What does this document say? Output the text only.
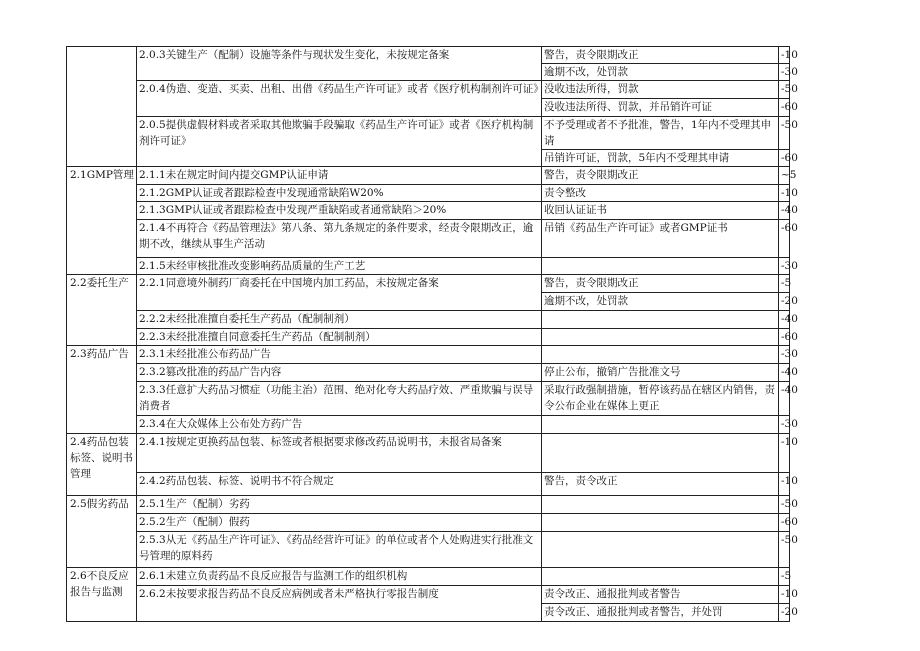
	2.0.3关键生产（配制）设施等条件与现状发生变化，未按规定备案	警告，责令限期改正	-10

		逾期不改，处罚款	-30

	2.0.4伪造、变造、买卖、出租、出借《药品生产许可证》或者《医疗机构制剂许可证》	没收违法所得，罚款	-50

		没收违法所得、罚款，并吊销许可证	-60

	2.0.5提供虚假材料或者采取其他欺骗手段骗取《药品生产许可证》或者《医疗机构制剂许可证》	不予受理或者不予批准，警告，1年内不受理其申请	-50

		吊销许可证，罚款，5年内不受理其申请	-60

2.1GMP管理	2.1.1未在规定时间内提交GMP认证申请	警告，责令限期改正	~5

	2.1.2GMP认证或者跟踪检查中发现通常缺陷W20%	责令整改	-10

	2.1.3GMP认证或者跟踪检查中发现严重缺陷或者通常缺陷＞20%	收回认证证书	-40

	2.1.4不再符合《药品管理法》第八条、第九条规定的条件要求，经责令限期改正，逾期不改，继续从事生产活动	吊销《药品生产许可证》或者GMP证书	-60

	2.1.5未经审核批准改变影响药品质量的生产工艺		-30

2.2委托生产	2.2.1同意境外制药厂商委托在中国境内加工药品，未按规定备案	警告，责令限期改正	-5

		逾期不改，处罚款	-20

	2.2.2未经批准擅自委托生产药品（配制制剂）		-40

	2.2.3未经批准擅自同意委托生产药品（配制制剂）		-60

2.3药品广告	2.3.1未经批准公布药品广告		-30

	2.3.2篡改批准的药品广告内容	停止公布，撤销广告批准文号	-40

	2.3.3任意扩大药品习惯症（功能主治）范围、绝对化夸大药品疗效、严重欺骗与误导消费者	采取行政强制措施，暂停该药品在辖区内销售，责令公布企业在媒体上更正	-40

	2.3.4在大众媒体上公布处方药广告		-30

2.4药品包装标签、说明书管理	2.4.1按规定更换药品包装、标签或者根据要求修改药品说明书，未报省局备案		-10

	2.4.2药品包装、标签、说明书不符合规定	警告，责令改正	-10

2.5假劣药品	2.5.1生产（配制）劣药		-50

	2.5.2生产（配制）假药		-60

	2.5.3从无《药品生产许可证》、《药品经营许可证》的单位或者个人处购进实行批准文号管理的原料药		-50

2.6不良反应报告与监测	2.6.1未建立负责药品不良反应报告与监测工作的组织机构		-5

	2.6.2未按要求报告药品不良反应病例或者未严格执行零报告制度	责令改正、通报批判或者警告	-10

		责令改正、通报批判或者警告，并处罚	-20
